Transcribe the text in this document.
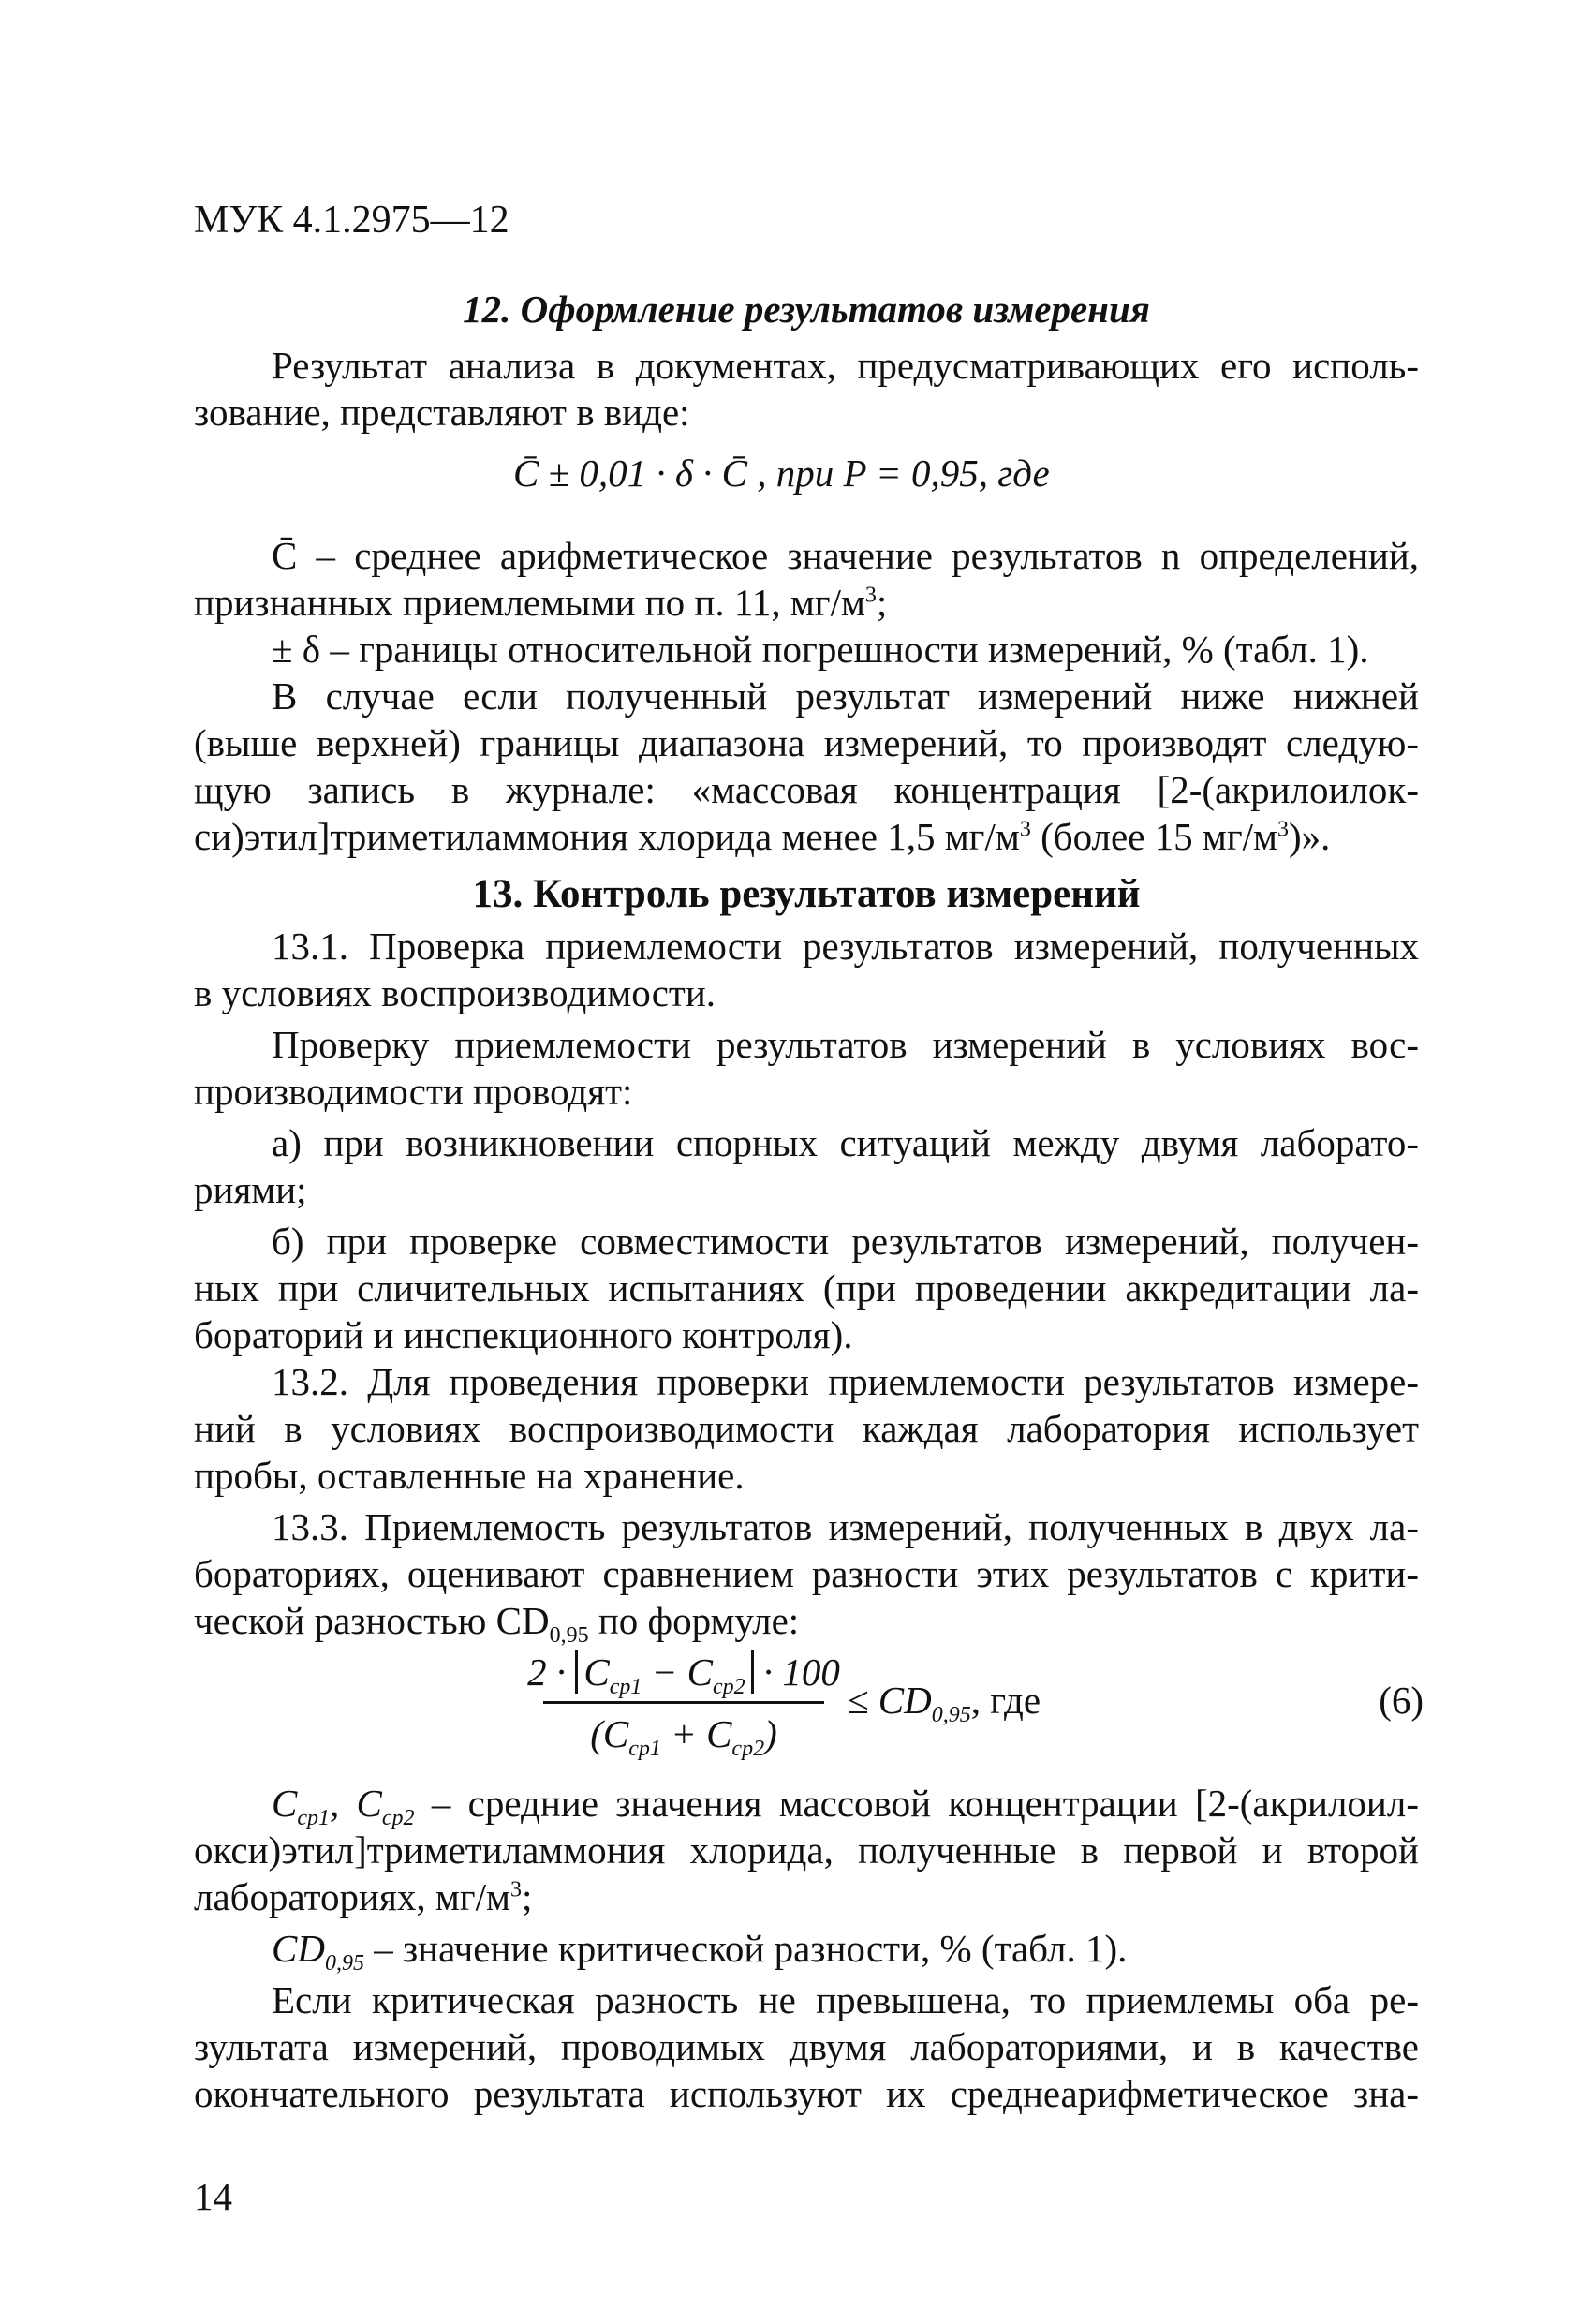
МУК 4.1.2975—12
12. Оформление результатов измерения
Результат анализа в документах, предусматривающих его исполь-
зование, представляют в виде:
C̄ ± 0,01 · δ · C̄ , при P = 0,95, где
C̄ – среднее арифметическое значение результатов n определений,
признанных приемлемыми по п. 11, $мг/м^3$;
± δ – границы относительной погрешности измерений, % (табл. 1).
В случае если полученный результат измерений ниже нижней
(выше верхней) границы диапазона измерений, то производят следую-
щую запись в журнале: «массовая концентрация [2-(акрилоилок-
си)этил]триметиламмония хлорида менее 1,5 $мг/м^3$ (более 15 $мг/м^3$)».
13. Контроль результатов измерений
13.1. Проверка приемлемости результатов измерений, полученных
в условиях воспроизводимости.
Проверку приемлемости результатов измерений в условиях вос-
производимости проводят:
а) при возникновении спорных ситуаций между двумя лаборато-
риями;
б) при проверке совместимости результатов измерений, получен-
ных при сличительных испытаниях (при проведении аккредитации ла-
бораторий и инспекционного контроля).
13.2. Для проведения проверки приемлемости результатов измере-
ний в условиях воспроизводимости каждая лаборатория использует
пробы, оставленные на хранение.
13.3. Приемлемость результатов измерений, полученных в двух ла-
бораториях, оценивают сравнением разности этих результатов с крити-
ческой разностью $CD_{0,95}$ по формуле:
$2 \cdot C_{ср1} - C_{ср2} \cdot 100$
$(C_{ср1} + C_{ср2})$
≤ $CD_{0,95}$, где	(6)
$C_{ср1}$, $C_{ср2}$ – средние значения массовой концентрации [2-(акрилоил-
окси)этил]триметиламмония хлорида, полученные в первой и второй
лабораториях, $мг/м^3$;
$CD_{0,95}$ – значение критической разности, % (табл. 1).
Если критическая разность не превышена, то приемлемы оба ре-
зультата измерений, проводимых двумя лабораториями, и в качестве
окончательного результата используют их среднеарифметическое зна-
14
